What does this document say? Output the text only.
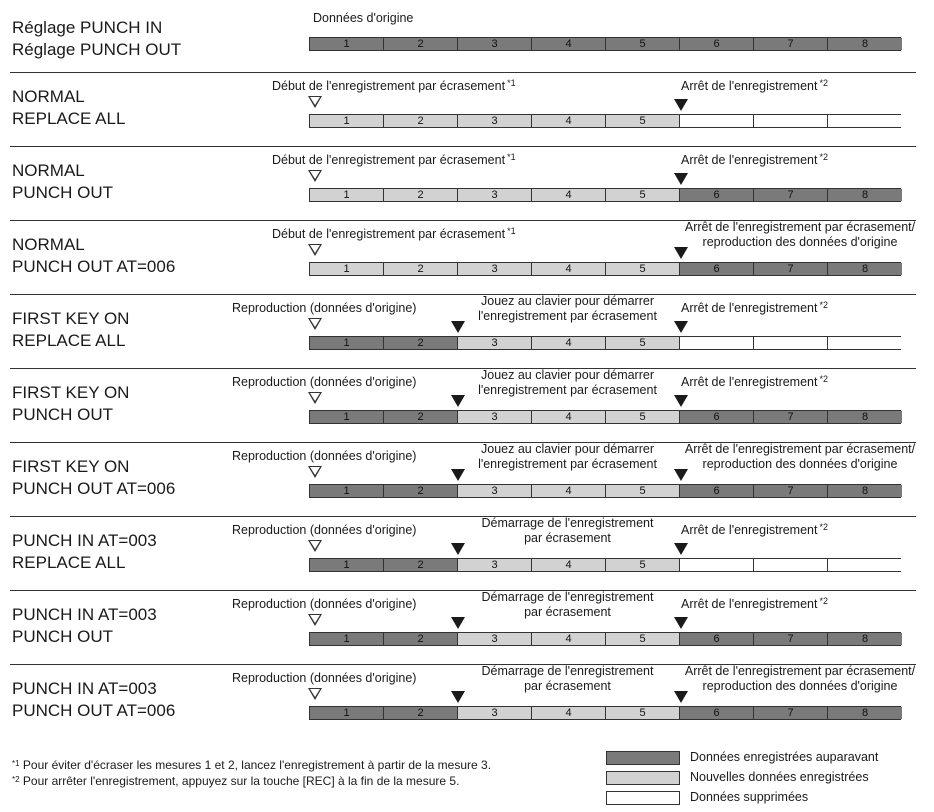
Réglage PUNCH IN
Réglage PUNCH OUT
Données d'origine
1	2	3	4	5	6	7	8
NORMAL
REPLACE ALL
Début de l'enregistrement par écrasement $^{*1}$	Arrêt de l'enregistrement $^{*2}$
1	2	3	4	5
NORMAL
PUNCH OUT
Début de l'enregistrement par écrasement $^{*1}$	Arrêt de l'enregistrement $^{*2}$
1	2	3	4	5	6	7	8
NORMAL
PUNCH OUT AT=006
Début de l'enregistrement par écrasement $^{*1}$	Arrêt de l'enregistrement par écrasement/
reproduction des données d'origine
1	2	3	4	5	6	7	8
FIRST KEY ON
REPLACE ALL
Reproduction (données d'origine)	Jouez au clavier pour démarrer
l'enregistrement par écrasement
Arrêt de l'enregistrement $^{*2}$
1	2	3	4	5
FIRST KEY ON
PUNCH OUT
Reproduction (données d'origine)	Jouez au clavier pour démarrer
l'enregistrement par écrasement
Arrêt de l'enregistrement $^{*2}$
1	2	3	4	5	6	7	8
FIRST KEY ON
PUNCH OUT AT=006
Reproduction (données d'origine)	Jouez au clavier pour démarrer
l'enregistrement par écrasement
Arrêt de l'enregistrement par écrasement/
reproduction des données d'origine
1	2	3	4	5	6	7	8
PUNCH IN AT=003
REPLACE ALL
Reproduction (données d'origine)	Démarrage de l'enregistrement
par écrasement
Arrêt de l'enregistrement $^{*2}$
1	2	3	4	5
PUNCH IN AT=003
PUNCH OUT
Reproduction (données d'origine)	Démarrage de l'enregistrement
par écrasement
Arrêt de l'enregistrement $^{*2}$
1	2	3	4	5	6	7	8
PUNCH IN AT=003
PUNCH OUT AT=006
Reproduction (données d'origine)	Démarrage de l'enregistrement
par écrasement
Arrêt de l'enregistrement par écrasement/
reproduction des données d'origine
1	2	3	4	5	6	7	8
$^{*1}$ Pour éviter d'écraser les mesures 1 et 2, lancez l'enregistrement à partir de la mesure 3.
$^{*2}$ Pour arrêter l'enregistrement, appuyez sur la touche [REC] à la fin de la mesure 5.
Données enregistrées auparavant
Nouvelles données enregistrées
Données supprimées
